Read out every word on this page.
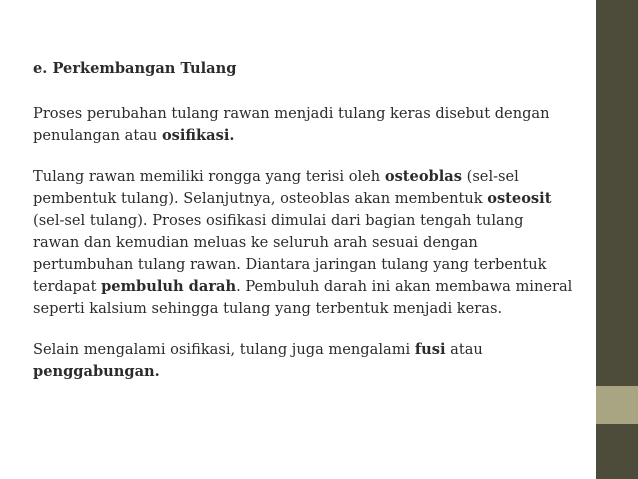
e. Perkembangan Tulang
Proses perubahan tulang rawan menjadi tulang keras disebut dengan penulangan atau osifikasi.
Tulang rawan memiliki rongga yang terisi oleh osteoblas (sel-sel pembentuk tulang). Selanjutnya, osteoblas akan membentuk osteosit (sel-sel tulang). Proses osifikasi dimulai dari bagian tengah tulang rawan dan kemudian meluas ke seluruh arah sesuai dengan pertumbuhan tulang rawan. Diantara jaringan tulang yang terbentuk terdapat pembuluh darah. Pembuluh darah ini akan membawa mineral seperti kalsium sehingga tulang yang terbentuk menjadi keras.
Selain mengalami osifikasi, tulang juga mengalami fusi atau penggabungan.
